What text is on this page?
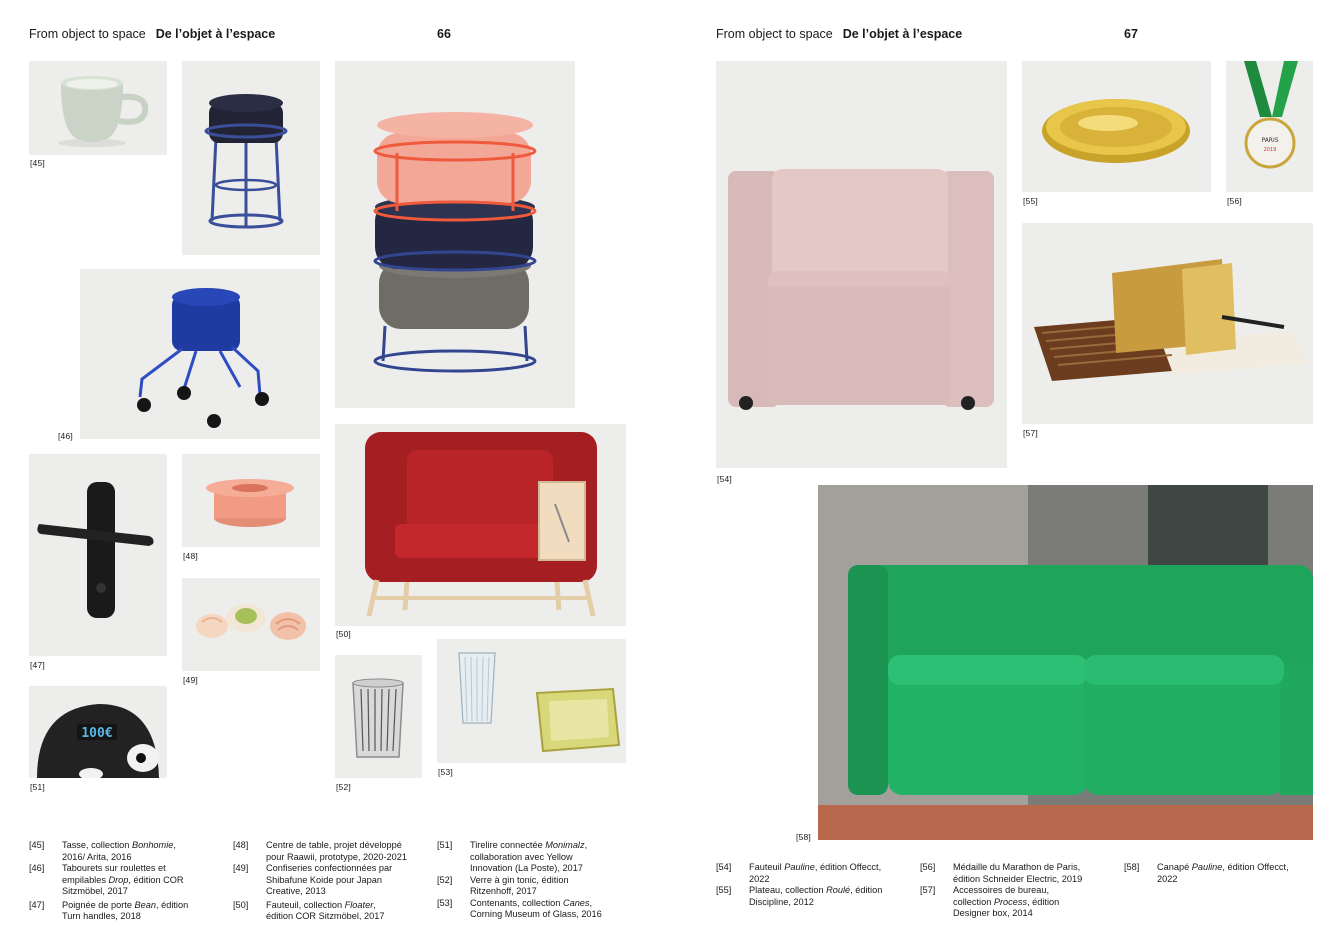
From object to space De l’objet à l’espace	66	From object to space De l’objet à l’espace	67
[45]
[46]
[47]
[48]
[49]
[50]
100€
[51]	[52]
[53]
[54]
[55]
PARIS
2019
[56]
[57]
[58]
[45]	Tasse, collection Bonhomie,
2016/ Arita, 2016
[46]	Tabourets sur roulettes et
empilables Drop, édition COR
Sitzmöbel, 2017
[47]	Poignée de porte Bean, édition
Turn handles, 2018
[48]	Centre de table, projet développé
pour Raawii, prototype, 2020-2021
[49]	Confiseries confectionnées par
Shibafune Koide pour Japan
Creative, 2013
[50]	Fauteuil, collection Floater,
édition COR Sitzmöbel, 2017
[51]	Tirelire connectée Monimalz,
collaboration avec Yellow
Innovation (La Poste), 2017
[52]	Verre à gin tonic, édition
Ritzenhoff, 2017
[53]	Contenants, collection Canes,
Corning Museum of Glass, 2016
[54]	Fauteuil Pauline, édition Offecct,
2022
[55]	Plateau, collection Roulé, édition
Discipline, 2012
[56]	Médaille du Marathon de Paris,
édition Schneider Electric, 2019
[57]	Accessoires de bureau,
collection Process, édition
Designer box, 2014
[58]	Canapé Pauline, édition Offecct,
2022
